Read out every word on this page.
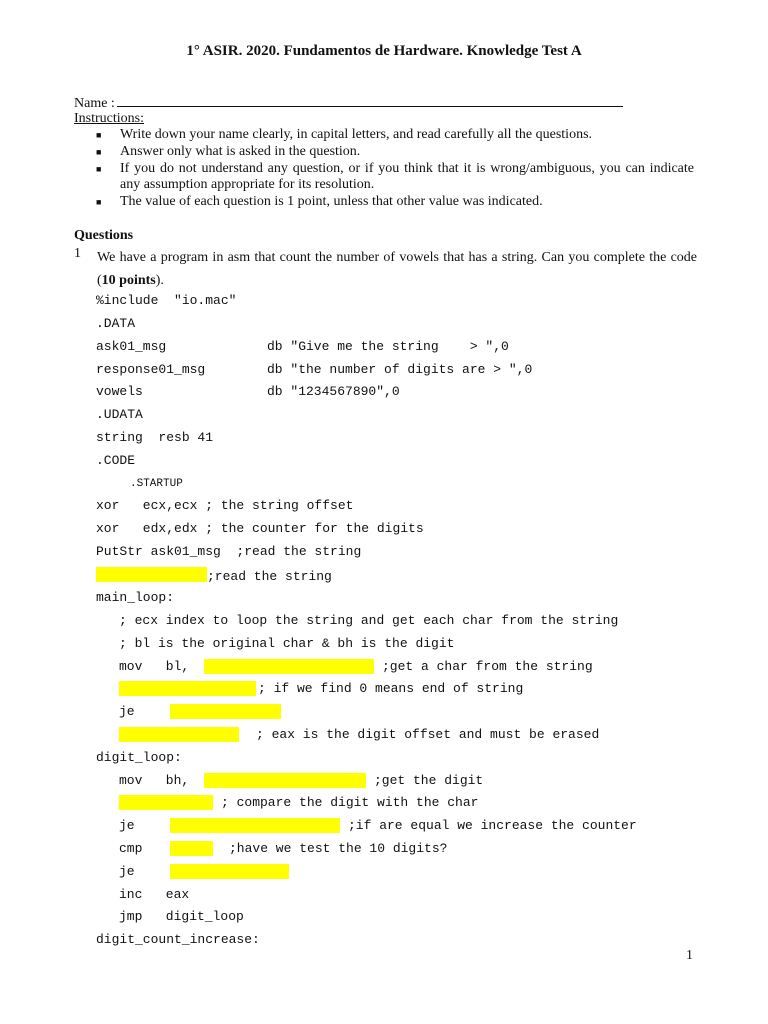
1° ASIR. 2020. Fundamentos de Hardware. Knowledge Test A
Name :
Instructions:
■ Write down your name clearly, in capital letters, and read carefully all the questions.
■ Answer only what is asked in the question.
■ If you do not understand any question, or if you think that it is wrong/ambiguous, you can indicate any assumption appropriate for its resolution.
■ The value of each question is 1 point, unless that other value was indicated.
Questions
1 We have a program in asm that count the number of vowels that has a string. Can you complete the code (10 points).
%include  "io.mac"
.DATA
ask01_msg	db "Give me the string    > ",0
response01_msg	db "the number of digits are > ",0
vowels	db "1234567890",0
.UDATA
string  resb 41
.CODE
.STARTUP
xor   ecx,ecx ; the string offset
xor   edx,edx ; the counter for the digits
PutStr ask01_msg  ;read the string
;read the string
main_loop:
; ecx index to loop the string and get each char from the string
; bl is the original char & bh is the digit
mov   bl,	;get a char from the string
; if we find 0 means end of string
je
; eax is the digit offset and must be erased
digit_loop:
mov   bh,	;get the digit
; compare the digit with the char
je	;if are equal we increase the counter
cmp	;have we test the 10 digits?
je
inc   eax
jmp   digit_loop
digit_count_increase:
1
